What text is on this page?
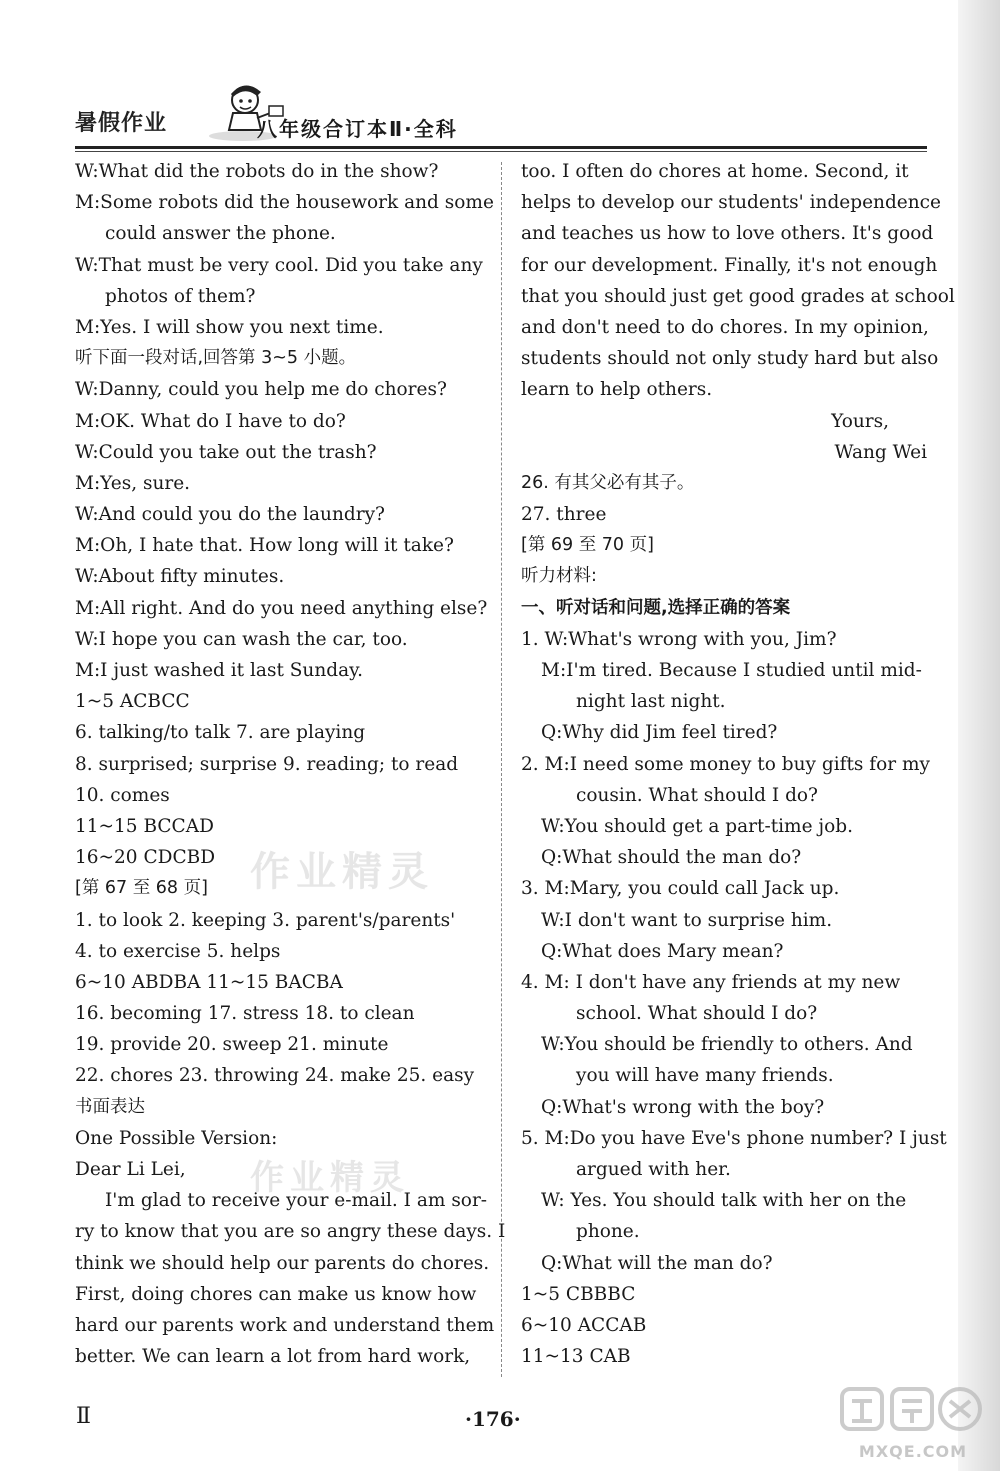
暑假作业	八年级合订本Ⅱ·全科
W:What did the robots do in the show?
M:Some robots did the housework and some
could answer the phone.
W:That must be very cool. Did you take any
photos of them?
M:Yes. I will show you next time.
听下面一段对话,回答第 3~5 小题。
W:Danny, could you help me do chores?
M:OK. What do I have to do?
W:Could you take out the trash?
M:Yes, sure.
W:And could you do the laundry?
M:Oh, I hate that. How long will it take?
W:About fifty minutes.
M:All right. And do you need anything else?
W:I hope you can wash the car, too.
M:I just washed it last Sunday.
1~5 ACBCC
6. talking/to talk 7. are playing
8. surprised; surprise 9. reading; to read
10. comes
11~15 BCCAD
16~20 CDCBD
[第 67 至 68 页]
1. to look 2. keeping 3. parent's/parents'
4. to exercise 5. helps
6~10 ABDBA 11~15 BACBA
16. becoming 17. stress 18. to clean
19. provide 20. sweep 21. minute
22. chores 23. throwing 24. make 25. easy
书面表达
One Possible Version:
Dear Li Lei,
I'm glad to receive your e-mail. I am sor-
ry to know that you are so angry these days. I
think we should help our parents do chores.
First, doing chores can make us know how
hard our parents work and understand them
better. We can learn a lot from hard work,
too. I often do chores at home. Second, it
helps to develop our students' independence
and teaches us how to love others. It's good
for our development. Finally, it's not enough
that you should just get good grades at school
and don't need to do chores. In my opinion,
students should not only study hard but also
learn to help others.
Yours,
Wang Wei
26. 有其父必有其子。
27. three
[第 69 至 70 页]
听力材料:
一、听对话和问题,选择正确的答案
1. W:What's wrong with you, Jim?
M:I'm tired. Because I studied until mid-
night last night.
Q:Why did Jim feel tired?
2. M:I need some money to buy gifts for my
cousin. What should I do?
W:You should get a part-time job.
Q:What should the man do?
3. M:Mary, you could call Jack up.
W:I don't want to surprise him.
Q:What does Mary mean?
4. M: I don't have any friends at my new
school. What should I do?
W:You should be friendly to others. And
you will have many friends.
Q:What's wrong with the boy?
5. M:Do you have Eve's phone number? I just
argued with her.
W: Yes. You should talk with her on the
phone.
Q:What will the man do?
1~5 CBBBC
6~10 ACCAB
11~13 CAB
作业精灵
作业精灵
Ⅱ	·176·
MXQE.COM
